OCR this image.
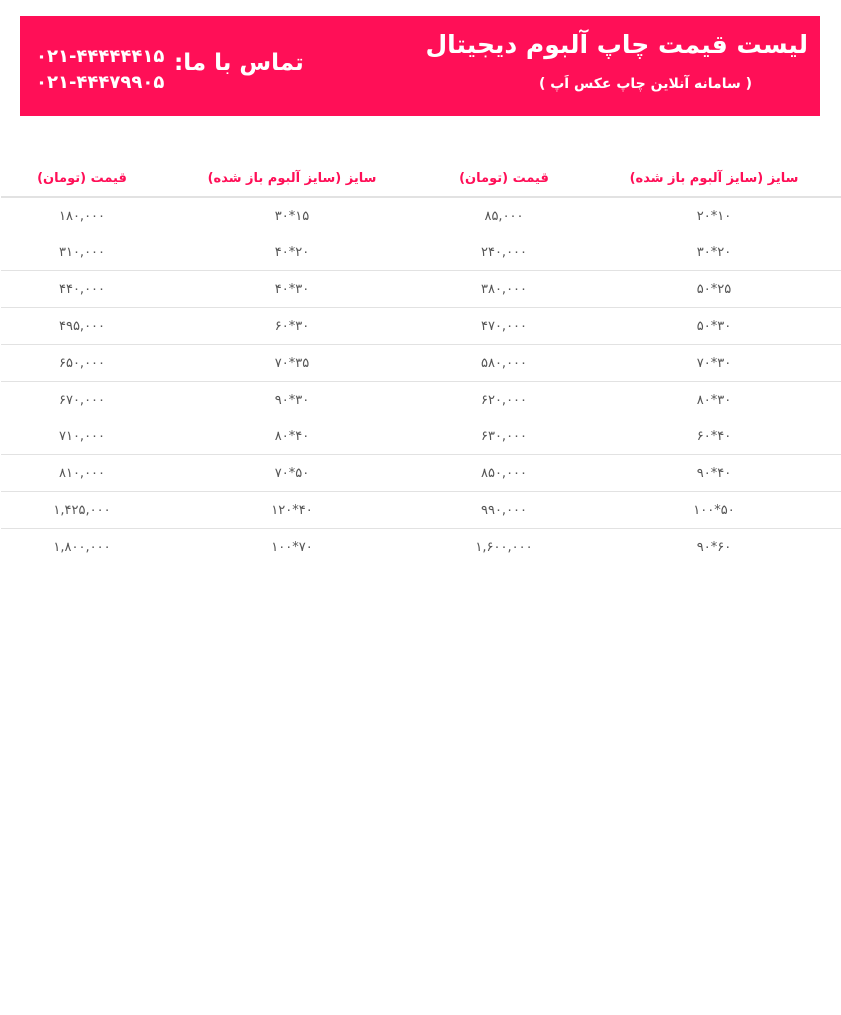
لیست قیمت چاپ آلبوم دیجیتال
( سامانه آنلاین چاپ عکس اَپ )
تماس با ما:
۰۲۱-۴۴۴۴۴۴۱۵
۰۲۱-۴۴۴۷۹۹۰۵
سایز (سایز آلبوم باز شده)	قیمت (تومان)	سایز (سایز آلبوم باز شده)	قیمت (تومان)
۱۰*۲۰	۸۵,۰۰۰	۱۵*۳۰	۱۸۰,۰۰۰
۲۰*۳۰	۲۴۰,۰۰۰	۲۰*۴۰	۳۱۰,۰۰۰
۲۵*۵۰	۳۸۰,۰۰۰	۳۰*۴۰	۴۴۰,۰۰۰
۳۰*۵۰	۴۷۰,۰۰۰	۳۰*۶۰	۴۹۵,۰۰۰
۳۰*۷۰	۵۸۰,۰۰۰	۳۵*۷۰	۶۵۰,۰۰۰
۳۰*۸۰	۶۲۰,۰۰۰	۳۰*۹۰	۶۷۰,۰۰۰
۴۰*۶۰	۶۳۰,۰۰۰	۴۰*۸۰	۷۱۰,۰۰۰
۴۰*۹۰	۸۵۰,۰۰۰	۵۰*۷۰	۸۱۰,۰۰۰
۵۰*۱۰۰	۹۹۰,۰۰۰	۴۰*۱۲۰	۱,۴۲۵,۰۰۰
۶۰*۹۰	۱,۶۰۰,۰۰۰	۷۰*۱۰۰	۱,۸۰۰,۰۰۰
